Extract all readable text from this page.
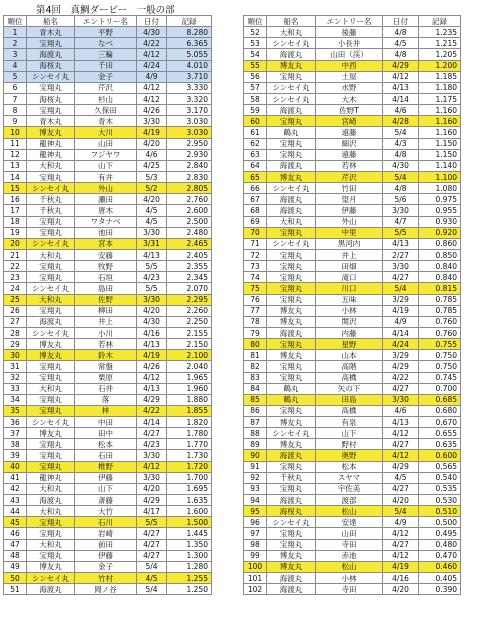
第4回　真鯛ダービー　一般の部
順位	船名	エントリー名	日付	記録
1	青木丸	平野	4/30	8.280
2	宝翔丸	なべ	4/22	6.365
3	海渡丸	三輪	4/12	5.055
4	海桜丸	千田	4/24	4.010
5	シンセイ丸	金子	4/9	3.710
6	宝翔丸	芹沢	4/12	3.330
7	海桜丸	杉山	4/12	3.320
8	宝翔丸	久保田	4/26	3.170
9	青木丸	青木	3/30	3.030
10	博友丸	大川	4/19	3.030
11	龍神丸	山田	4/20	2.950
12	龍神丸	フジヤワ	4/6	2.930
13	大和丸	山下	4/25	2.840
14	宝翔丸	有井	5/3	2.830
15	シンセイ丸	外山	5/2	2.805
16	千秋丸	瀬田	4/20	2.760
17	千秋丸	唐木	4/5	2.600
18	宝翔丸	ワタナベ	4/5	2.500
19	宝翔丸	池田	3/30	2.480
20	シンセイ丸	宮本	3/31	2.465
21	大和丸	安藤	4/13	2.405
22	宝翔丸	牧野	5/5	2.355
23	宝翔丸	石垣	4/23	2.345
24	シンセイ丸	島田	5/5	2.070
25	大和丸	佐野	3/30	2.295
26	宝翔丸	柳田	4/20	2.260
27	海渡丸	井上	4/30	2.250
28	シンセイ丸	小川	4/16	2.155
29	博友丸	若林	4/13	2.150
30	博友丸	鈴木	4/19	2.100
31	宝翔丸	常盤	4/26	2.040
32	宝翔丸	栗原	4/12	1.965
33	大和丸	石井	4/13	1.960
34	宝翔丸	落	4/29	1.880
35	宝翔丸	林	4/22	1.855
36	シンセイ丸	中田	4/14	1.820
37	博友丸	田中	4/27	1.780
38	宝翔丸	松本	4/23	1.770
39	宝翔丸	石田	3/30	1.730
40	宝翔丸	椎野	4/12	1.720
41	龍神丸	伊藤	3/30	1.700
42	大和丸	山下	4/20	1.695
43	海渡丸	斎藤	4/29	1.635
44	大和丸	大竹	4/17	1.600
45	宝翔丸	石川	5/5	1.500
46	宝翔丸	岩崎	4/27	1.445
47	大和丸	前田	4/27	1.350
48	宝翔丸	伊藤	4/27	1.300
49	博友丸	金子	5/4	1.280
50	シンセイ丸	竹村	4/5	1.255
51	海渡丸	岡ノ谷	5/4	1.250
順位	船名	エントリー名	日付	記録
52	大和丸	後藤	4/8	1.235
53	シンセイ丸	小長井	4/5	1.215
54	海渡丸	山田（渓）	4/8	1.205
55	博友丸	中西	4/29	1.200
56	宝翔丸	土屋	4/12	1.185
57	シンセイ丸	水野	4/13	1.180
58	シンセイ丸	大木	4/14	1.175
59	海渡丸	佐野T	4/6	1.160
60	宝翔丸	宮崎	4/28	1.160
61	鶴丸	遠藤	5/4	1.160
62	宝翔丸	細沢	4/3	1.150
63	宝翔丸	遠藤	4/8	1.150
64	海渡丸	若林	4/30	1.140
65	博友丸	芹沢	5/4	1.100
66	シンセイ丸	竹田	4/8	1.080
67	海渡丸	望月	5/6	0.975
68	海渡丸	伊藤	3/30	0.955
69	大和丸	外山	4/7	0.930
70	宝翔丸	中里	5/5	0.920
71	シンセイ丸	黒河内	4/13	0.860
72	宝翔丸	井上	2/27	0.850
73	宝翔丸	田畑	3/30	0.840
74	宝翔丸	滝口	4/27	0.840
75	宝翔丸	川口	5/4	0.815
76	宝翔丸	五味	3/29	0.785
77	博友丸	小林	4/19	0.785
78	博友丸	関沢	4/9	0.760
79	海渡丸	内藤	4/14	0.760
80	宝翔丸	星野	4/24	0.755
81	博友丸	山本	3/29	0.750
82	宝翔丸	高階	4/29	0.750
83	宝翔丸	高橋	4/22	0.745
84	鶴丸	矢の下	4/27	0.700
85	鶴丸	田島	3/30	0.685
86	宝翔丸	高橋	4/6	0.680
87	博友丸	有泉	4/13	0.670
88	シンセイ丸	山下	4/12	0.655
89	博友丸	野村	4/27	0.635
90	海渡丸	奥野	4/12	0.600
91	宝翔丸	松本	4/29	0.565
92	千秋丸	スヤマ	4/5	0.540
93	宝翔丸	宇佐美	4/27	0.535
94	海渡丸	渡部	4/20	0.530
95	海桜丸	松山	5/4	0.510
96	シンセイ丸	安達	4/9	0.500
97	宝翔丸	山田	4/12	0.495
98	宝翔丸	寺田	4/27	0.480
99	博友丸	赤池	4/12	0.470
100	博友丸	松山	4/19	0.460
101	海渡丸	小林	4/16	0.405
102	海渡丸	寺田	4/20	0.390
